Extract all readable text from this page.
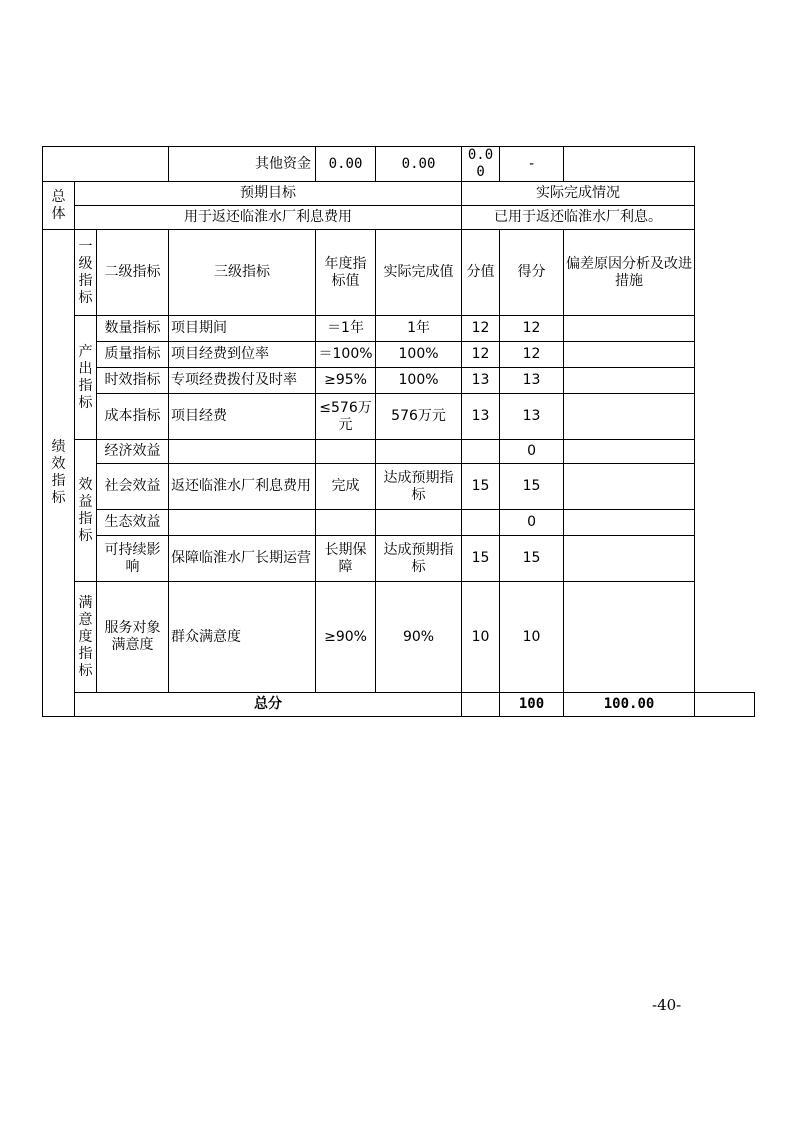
			其他资金	0.00	0.00	0.00	-		
总体	预期目标					实际完成情况			
	用于返还临淮水厂利息费用					已用于返还临淮水厂利息。			
绩效指标	一级指标	二级指标	三级指标	年度指标值	实际完成值	分值	得分	偏差原因分析及改进措施	
	产出指标	数量指标	项目期间	＝1年	1年	12	12		
		质量指标	项目经费到位率	＝100%	100%	12	12		
		时效指标	专项经费拨付及时率	≥95%	100%	13	13		
		成本指标	项目经费	≤576万元	576万元	13	13		
	效益指标	经济效益					0		
		社会效益	返还临淮水厂利息费用	完成	达成预期指标	15	15		
		生态效益					0		
		可持续影响	保障临淮水厂长期运营	长期保障	达成预期指标	15	15		
	满意度指标	服务对象满意度	群众满意度	≥90%	90%	10	10		
	总分						100	100.00	
-40-
